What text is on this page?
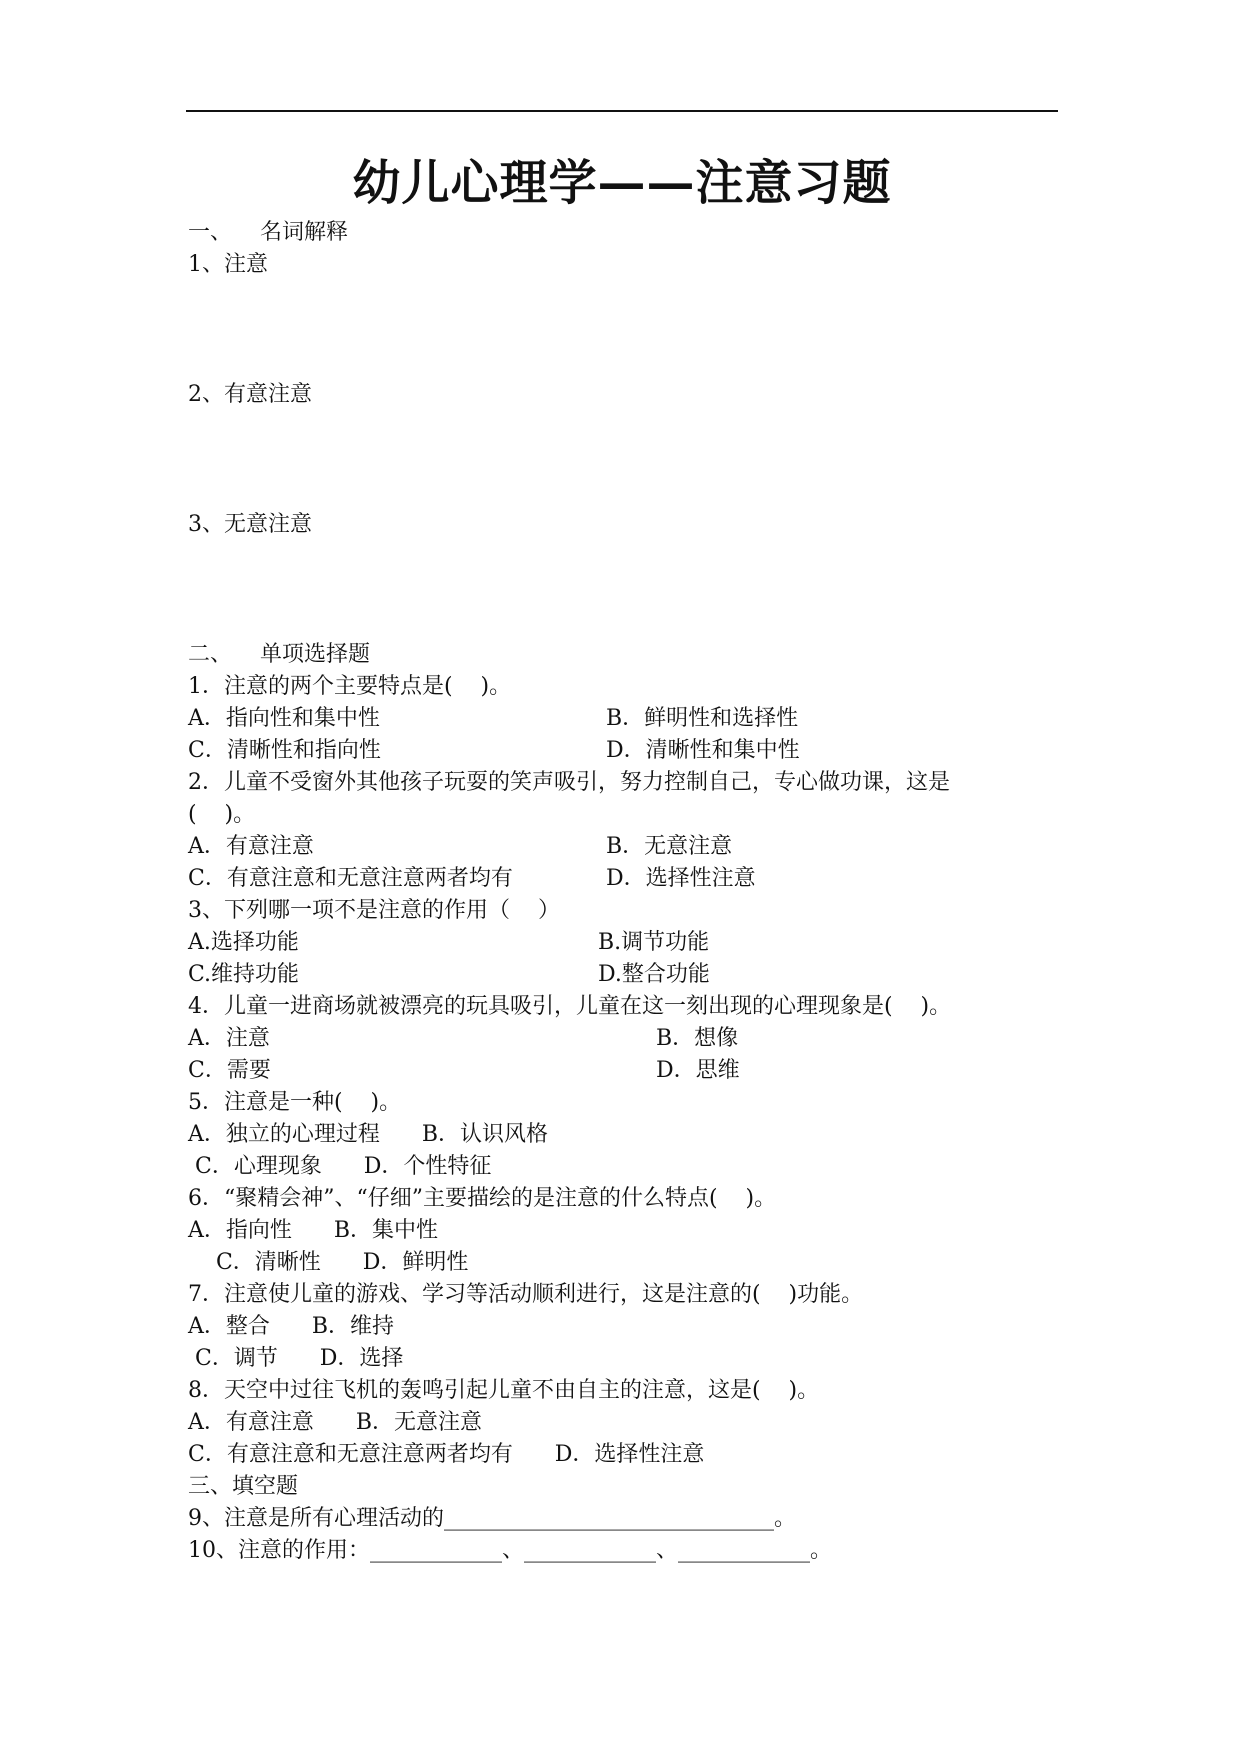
幼儿心理学——注意习题
一、    名词解释
1、注意
2、有意注意
3、无意注意
二、    单项选择题
1．注意的两个主要特点是(    )。
A．指向性和集中性	B．鲜明性和选择性
C．清晰性和指向性	D．清晰性和集中性
2．儿童不受窗外其他孩子玩耍的笑声吸引，努力控制自己，专心做功课，这是
(    )。
A．有意注意	B．无意注意
C．有意注意和无意注意两者均有	D．选择性注意
3、下列哪一项不是注意的作用（    ）
A.选择功能	B.调节功能
C.维持功能	D.整合功能
4．儿童一进商场就被漂亮的玩具吸引，儿童在这一刻出现的心理现象是(    )。
A．注意	B．想像
C．需要	D．思维
5．注意是一种(    )。
A．独立的心理过程      B．认识风格
C．心理现象      D．个性特征
6．“聚精会神”、“仔细”主要描绘的是注意的什么特点(    )。
A．指向性      B．集中性
C．清晰性      D．鲜明性
7．注意使儿童的游戏、学习等活动顺利进行，这是注意的(    )功能。
A．整合      B．维持
C．调节      D．选择
8．天空中过往飞机的轰鸣引起儿童不由自主的注意，这是(    )。
A．有意注意      B．无意注意
C．有意注意和无意注意两者均有      D．选择性注意
三、填空题
9、注意是所有心理活动的______________________________。
10、注意的作用：____________、____________、____________。
